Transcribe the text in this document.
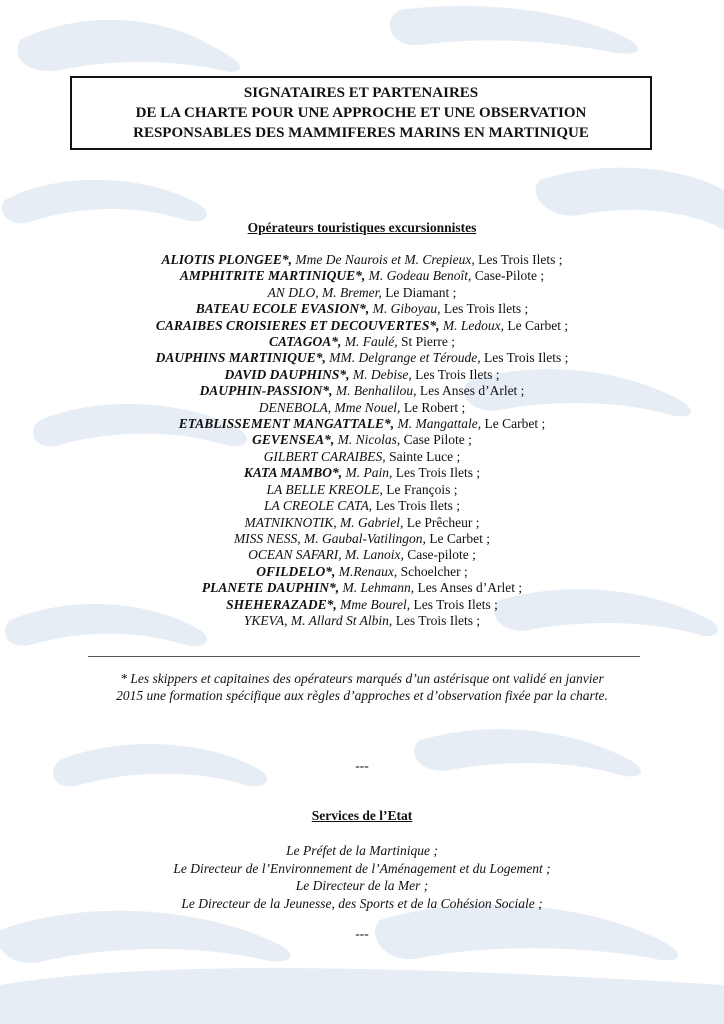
SIGNATAIRES ET PARTENAIRES
DE LA CHARTE POUR UNE APPROCHE ET UNE OBSERVATION
RESPONSABLES DES MAMMIFERES MARINS EN MARTINIQUE
Opérateurs touristiques excursionnistes
ALIOTIS PLONGEE*, Mme De Naurois et M. Crepieux, Les Trois Ilets ;
AMPHITRITE MARTINIQUE*, M. Godeau Benoît, Case-Pilote ;
AN DLO, M. Bremer, Le Diamant ;
BATEAU ECOLE EVASION*, M. Giboyau, Les Trois Ilets ;
CARAIBES CROISIERES ET DECOUVERTES*, M. Ledoux, Le Carbet ;
CATAGOA*, M. Faulé, St Pierre ;
DAUPHINS MARTINIQUE*, MM. Delgrange et Téroude, Les Trois Ilets ;
DAVID DAUPHINS*, M. Debise, Les Trois Ilets ;
DAUPHIN-PASSION*, M. Benhalilou, Les Anses d’Arlet ;
DENEBOLA, Mme Nouel, Le Robert ;
ETABLISSEMENT MANGATTALE*, M. Mangattale, Le Carbet ;
GEVENSEA*, M. Nicolas, Case Pilote ;
GILBERT CARAIBES, Sainte Luce ;
KATA MAMBO*, M. Pain, Les Trois Ilets ;
LA BELLE KREOLE, Le François ;
LA CREOLE CATA, Les Trois Ilets ;
MATNIKNOTIK, M. Gabriel, Le Prêcheur ;
MISS NESS, M. Gaubal-Vatilingon, Le Carbet ;
OCEAN SAFARI, M. Lanoix, Case-pilote ;
OFILDELO*, M.Renaux, Schoelcher ;
PLANETE DAUPHIN*, M. Lehmann, Les Anses d’Arlet ;
SHEHERAZADE*, Mme Bourel, Les Trois Ilets ;
YKEVA, M. Allard St Albin, Les Trois Ilets ;
* Les skippers et capitaines des opérateurs marqués d’un astérisque ont validé en janvier
2015 une formation spécifique aux règles d’approches et d’observation fixée par la charte.
---
Services de l’Etat
Le Préfet de la Martinique ;
Le Directeur de l’Environnement de l’Aménagement et du Logement ;
Le Directeur de la Mer ;
Le Directeur de la Jeunesse, des Sports et de la Cohésion Sociale ;
---
